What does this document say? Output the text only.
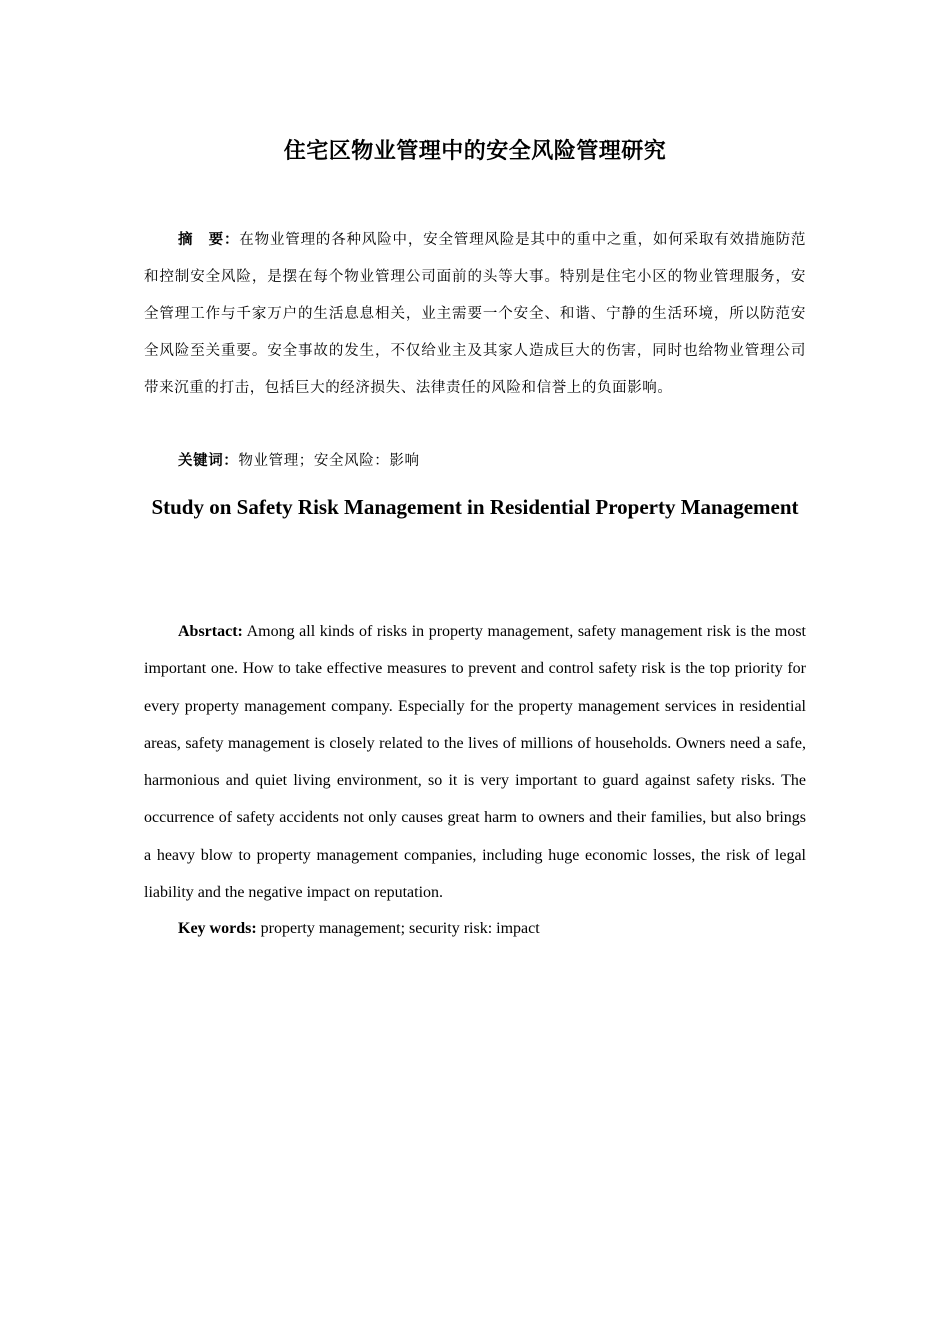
住宅区物业管理中的安全风险管理研究
摘　要：在物业管理的各种风险中，安全管理风险是其中的重中之重，如何采取有效措施防范和控制安全风险，是摆在每个物业管理公司面前的头等大事。特别是住宅小区的物业管理服务，安全管理工作与千家万户的生活息息相关，业主需要一个安全、和谐、宁静的生活环境，所以防范安全风险至关重要。安全事故的发生，不仅给业主及其家人造成巨大的伤害，同时也给物业管理公司带来沉重的打击，包括巨大的经济损失、法律责任的风险和信誉上的负面影响。
关键词：物业管理；安全风险：影响
Study on Safety Risk Management in Residential Property Management
Absrtact: Among all kinds of risks in property management, safety management risk is the most important one. How to take effective measures to prevent and control safety risk is the top priority for every property management company. Especially for the property management services in residential areas, safety management is closely related to the lives of millions of households. Owners need a safe, harmonious and quiet living environment, so it is very important to guard against safety risks. The occurrence of safety accidents not only causes great harm to owners and their families, but also brings a heavy blow to property management companies, including huge economic losses, the risk of legal liability and the negative impact on reputation.
Key words: property management; security risk: impact
